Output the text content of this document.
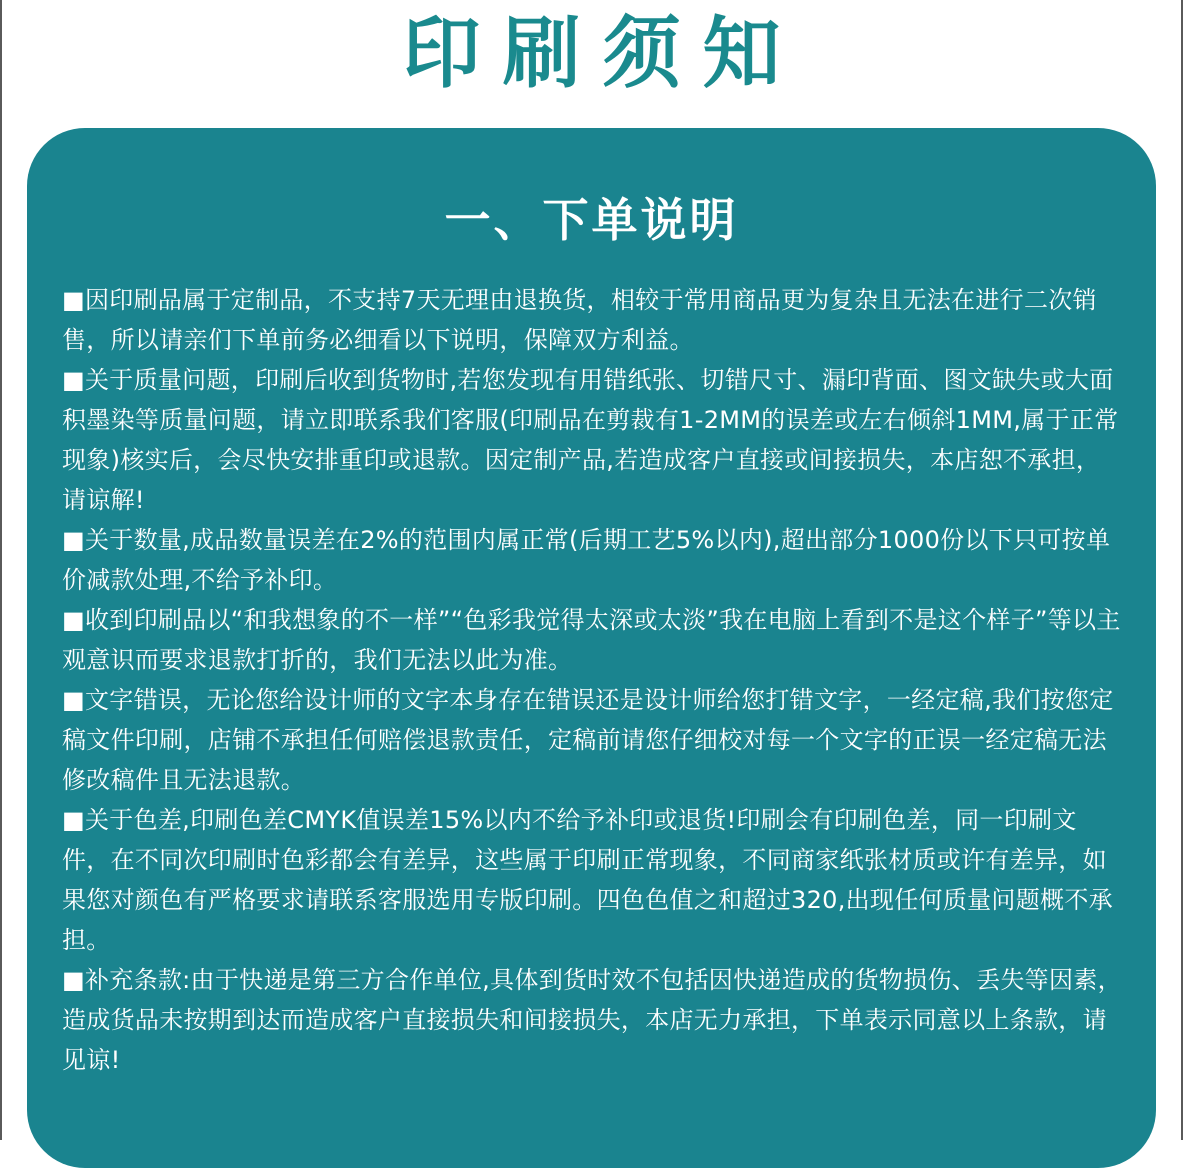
印刷须知
一、下单说明

■因印刷品属于定制品，不支持7天无理由退换货，相较于常用商品更为复杂且无法在进行二次销售，所以请亲们下单前务必细看以下说明，保障双方利益。

■关于质量问题，印刷后收到货物时,若您发现有用错纸张、切错尺寸、漏印背面、图文缺失或大面积墨染等质量问题，请立即联系我们客服(印刷品在剪裁有1-2MM的误差或左右倾斜1MM,属于正常现象)核实后，会尽快安排重印或退款。因定制产品,若造成客户直接或间接损失，本店恕不承担，请谅解!

■关于数量,成品数量误差在2%的范围内属正常(后期工艺5%以内),超出部分1000份以下只可按单价减款处理,不给予补印。

■收到印刷品以“和我想象的不一样”“色彩我觉得太深或太淡”我在电脑上看到不是这个样子”等以主观意识而要求退款打折的，我们无法以此为准。

■文字错误，无论您给设计师的文字本身存在错误还是设计师给您打错文字，一经定稿,我们按您定稿文件印刷，店铺不承担任何赔偿退款责任，定稿前请您仔细校对每一个文字的正误一经定稿无法修改稿件且无法退款。

■关于色差,印刷色差CMYK值误差15%以内不给予补印或退货!印刷会有印刷色差，同一印刷文件，在不同次印刷时色彩都会有差异，这些属于印刷正常现象，不同商家纸张材质或许有差异，如果您对颜色有严格要求请联系客服选用专版印刷。四色色值之和超过320,出现任何质量问题概不承担。

■补充条款:由于快递是第三方合作单位,具体到货时效不包括因快递造成的货物损伤、丢失等因素，造成货品未按期到达而造成客户直接损失和间接损失，本店无力承担，下单表示同意以上条款，请见谅!
